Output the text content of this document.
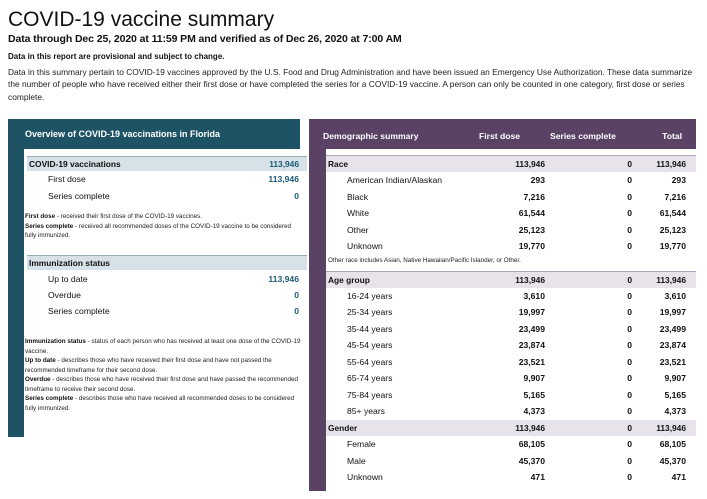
COVID-19 vaccine summary
Data through Dec 25, 2020 at 11:59 PM and verified as of Dec 26, 2020 at 7:00 AM
Data in this report are provisional and subject to change.
Data in this summary pertain to COVID-19 vaccines approved by the U.S. Food and Drug Administration and have been issued an Emergency Use Authorization. These data summarize the number of people who have received either their first dose or have completed the series for a COVID-19 vaccine. A person can only be counted in one category, first dose or series complete.
Overview of COVID-19 vaccinations in Florida
COVID-19 vaccinations	113,946
First dose	113,946
Series complete	0
First dose - received their first dose of the COVID-19 vaccines.
Series complete - received all recommended doses of the COVID-19 vaccine to be considered fully immunized.
Immunization status
Up to date	113,946
Overdue	0
Series complete	0
Immunization status - status of each person who has received at least one dose of the COVID-19 vaccine.
Up to date - describes those who have received their first dose and have not passed the recommended timeframe for their second dose.
Overdue - describes those who have received their first dose and have passed the recommended timeframe to receive their second dose.
Series complete - describes those who have received all recommended doses to be considered fully immunized.
Demographic summary	First dose	Series complete	Total
Race	113,946	0	113,946
American Indian/Alaskan	293	0	293
Black	7,216	0	7,216
White	61,544	0	61,544
Other	25,123	0	25,123
Unknown	19,770	0	19,770
Other race includes Asian, Native Hawaiian/Pacific Islander, or Other.
Age group	113,946	0	113,946
16-24 years	3,610	0	3,610
25-34 years	19,997	0	19,997
35-44 years	23,499	0	23,499
45-54 years	23,874	0	23,874
55-64 years	23,521	0	23,521
65-74 years	9,907	0	9,907
75-84 years	5,165	0	5,165
85+ years	4,373	0	4,373
Gender	113,946	0	113,946
Female	68,105	0	68,105
Male	45,370	0	45,370
Unknown	471	0	471
